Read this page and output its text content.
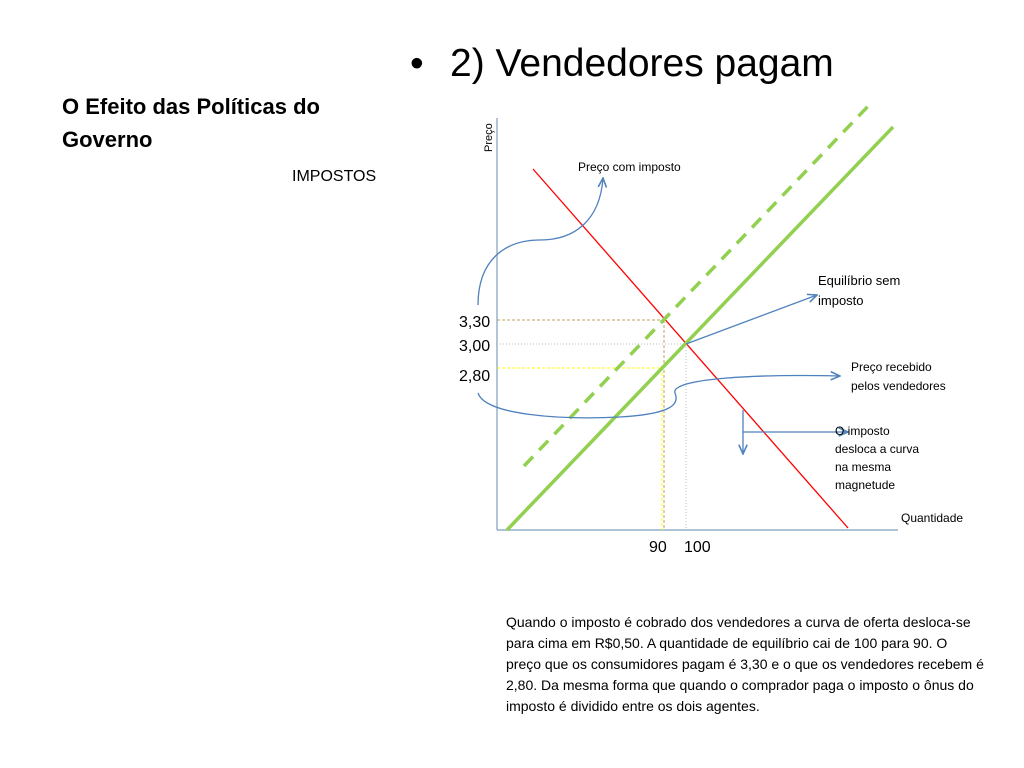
O Efeito das Políticas do
Governo
IMPOSTOS
• 2) Vendedores pagam
Preço
Quantidade
3,30
3,00
2,80
90 100
Preço com imposto
Equilíbrio sem
imposto
Preço recebido
pelos vendedores
O imposto
desloca a curva
na mesma
magnetude
Quando o imposto é cobrado dos vendedores a curva de oferta desloca-se para cima em R$0,50. A quantidade de equilíbrio cai de 100 para 90. O preço que os consumidores pagam é 3,30 e o que os vendedores recebem é 2,80. Da mesma forma que quando o comprador paga o imposto o ônus do imposto é dividido entre os dois agentes.
